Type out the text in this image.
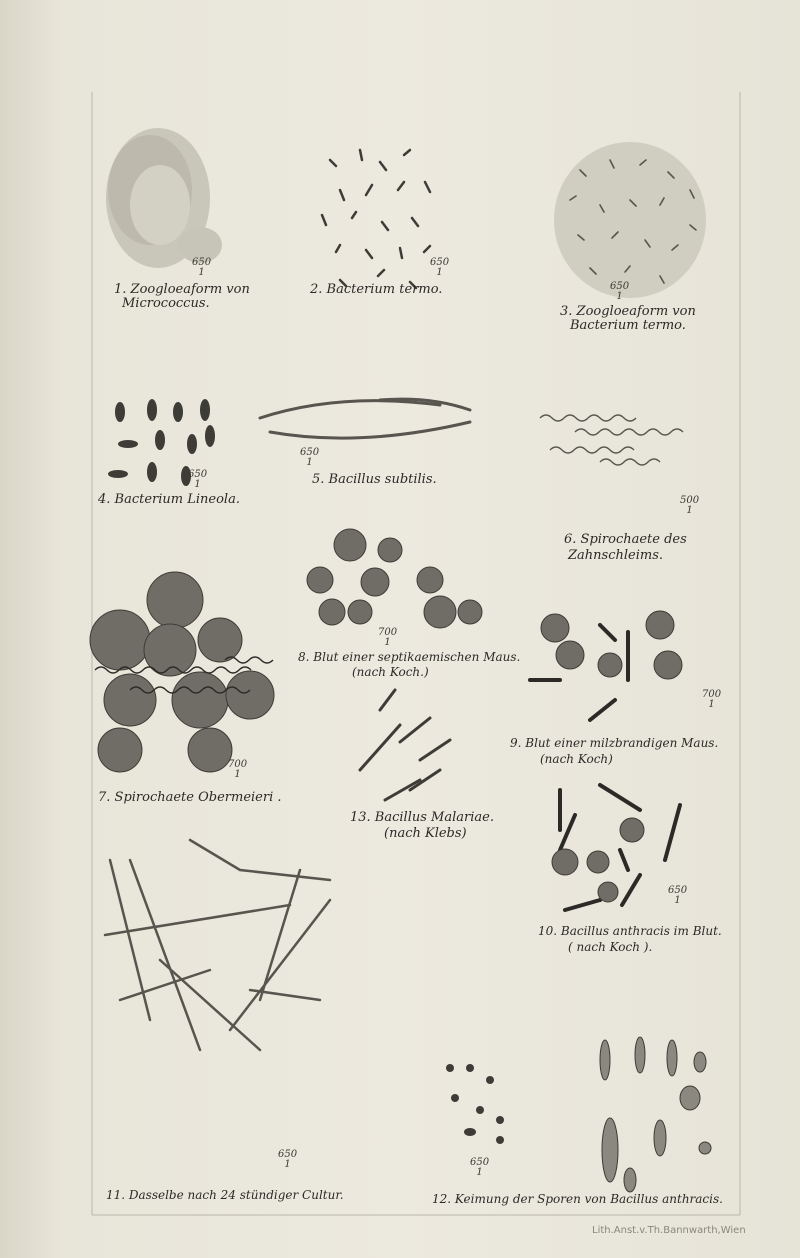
1. Zoogloeaform von
Micrococcus.
650
1
2. Bacterium termo.
650
1
3. Zoogloeaform von
Bacterium termo.
650
1
4. Bacterium Lineola.
650
1	5. Bacillus subtilis.
650
1
6. Spirochaete des
Zahnschleims.
500
1
7. Spirochaete Obermeieri .
700
1
8. Blut einer septikaemischen Maus.
(nach Koch.)
700
1
9. Blut einer milzbrandigen Maus.
(nach Koch)
700
1
10. Bacillus anthracis im Blut.
( nach Koch ).
650
1
11. Dasselbe nach 24 stündiger Cultur.
650
1
12. Keimung der Sporen von Bacillus anthracis.
650
1
13. Bacillus Malariae.
(nach Klebs)
Lith.Anst.v.Th.Bannwarth,Wien
